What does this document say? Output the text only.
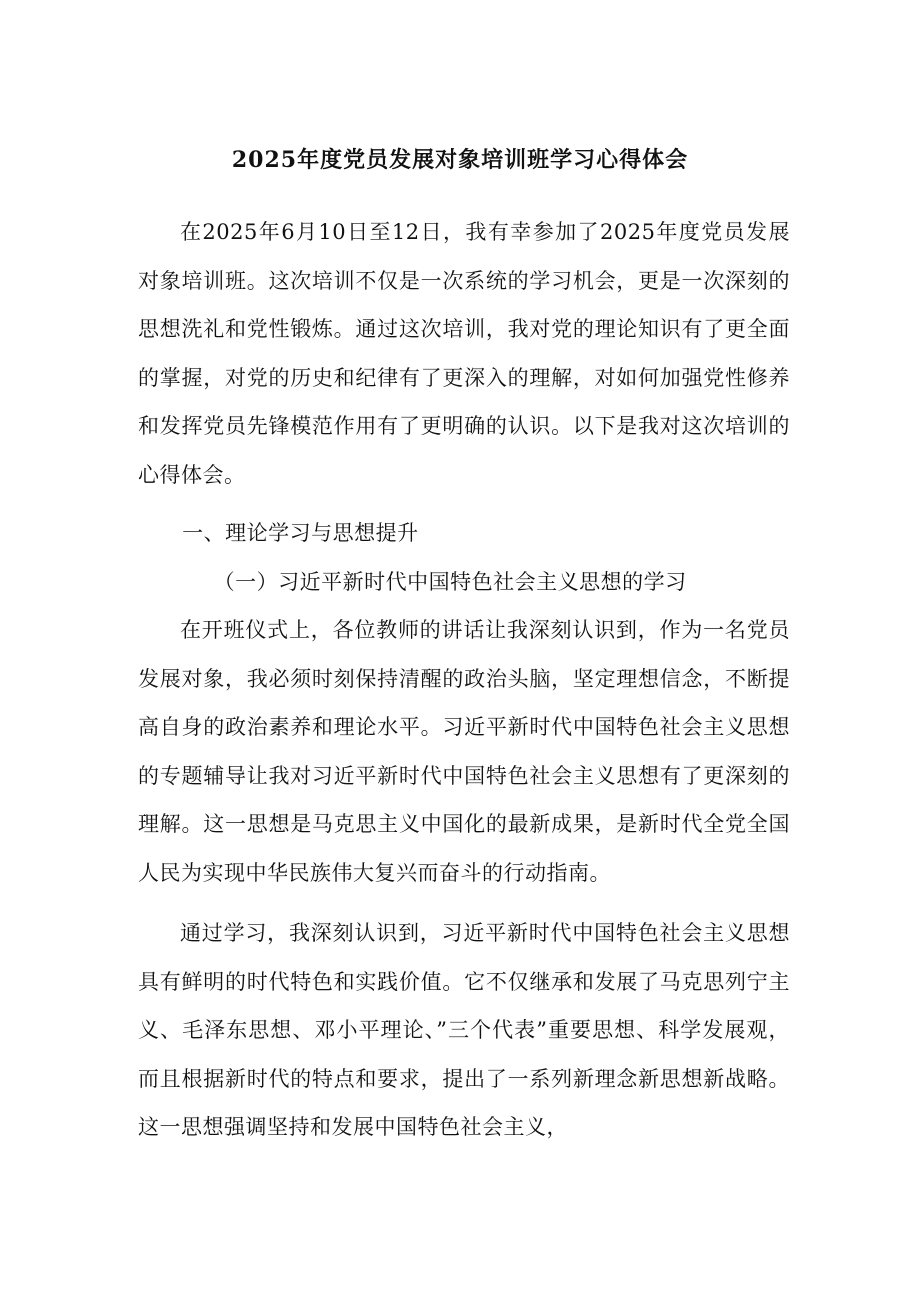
2025年度党员发展对象培训班学习心得体会

在2025年6月10日至12日，我有幸参加了2025年度党员发展对象培训班。这次培训不仅是一次系统的学习机会，更是一次深刻的思想洗礼和党性锻炼。通过这次培训，我对党的理论知识有了更全面的掌握，对党的历史和纪律有了更深入的理解，对如何加强党性修养和发挥党员先锋模范作用有了更明确的认识。以下是我对这次培训的心得体会。

一、理论学习与思想提升

（一）习近平新时代中国特色社会主义思想的学习

在开班仪式上，各位教师的讲话让我深刻认识到，作为一名党员发展对象，我必须时刻保持清醒的政治头脑，坚定理想信念，不断提高自身的政治素养和理论水平。习近平新时代中国特色社会主义思想的专题辅导让我对习近平新时代中国特色社会主义思想有了更深刻的理解。这一思想是马克思主义中国化的最新成果，是新时代全党全国人民为实现中华民族伟大复兴而奋斗的行动指南。

通过学习，我深刻认识到，习近平新时代中国特色社会主义思想具有鲜明的时代特色和实践价值。它不仅继承和发展了马克思列宁主义、毛泽东思想、邓小平理论、”三个代表”重要思想、科学发展观，而且根据新时代的特点和要求，提出了一系列新理念新思想新战略。这一思想强调坚持和发展中国特色社会主义，
